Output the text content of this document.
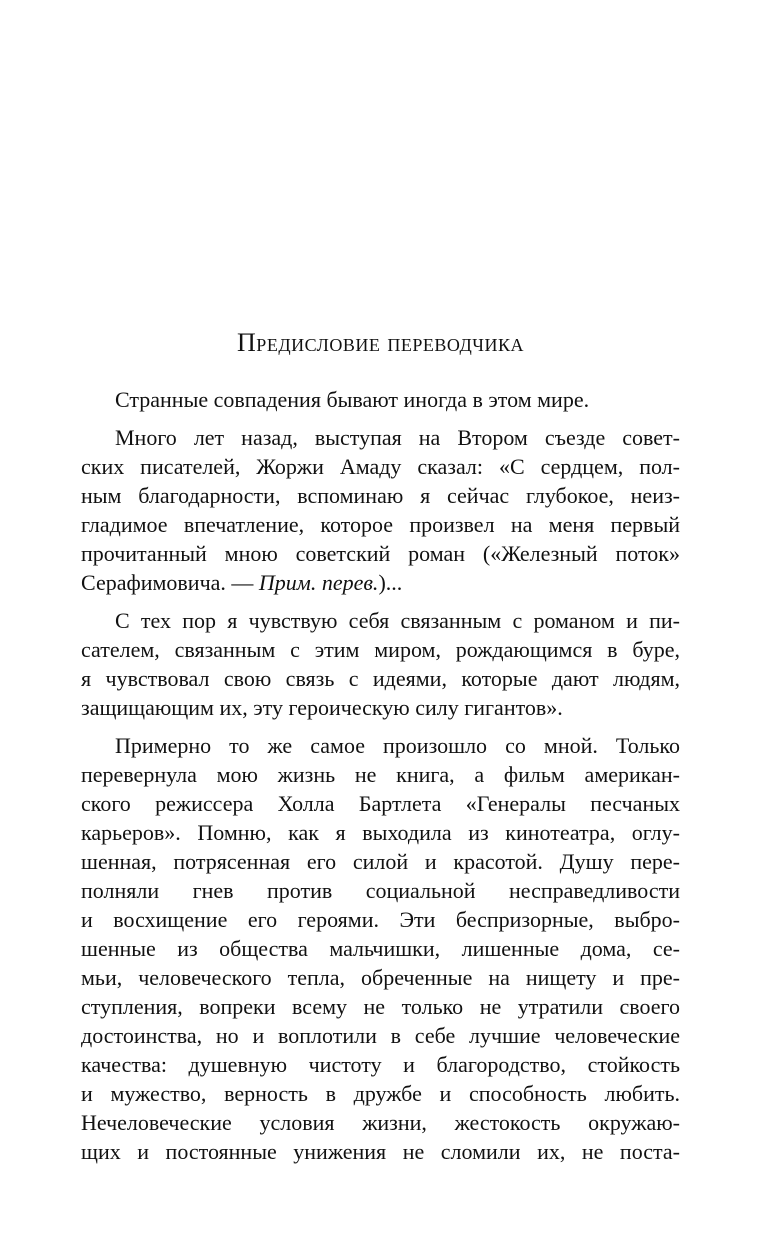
Предисловие переводчика
Странные совпадения бывают иногда в этом мире.
Много лет назад, выступая на Втором съезде совет-
ских писателей, Жоржи Амаду сказал: «С сердцем, пол-
ным благодарности, вспоминаю я сейчас глубокое, неиз-
гладимое впечатление, которое произвел на меня первый
прочитанный мною советский роман («Железный поток»
Серафимовича. — Прим. перев.)...
С тех пор я чувствую себя связанным с романом и пи-
сателем, связанным с этим миром, рождающимся в буре,
я чувствовал свою связь с идеями, которые дают людям,
защищающим их, эту героическую силу гигантов».
Примерно то же самое произошло со мной. Только
перевернула мою жизнь не книга, а фильм американ-
ского режиссера Холла Бартлета «Генералы песчаных
карьеров». Помню, как я выходила из кинотеатра, оглу-
шенная, потрясенная его силой и красотой. Душу пере-
полняли гнев против социальной несправедливости
и восхищение его героями. Эти беспризорные, выбро-
шенные из общества мальчишки, лишенные дома, се-
мьи, человеческого тепла, обреченные на нищету и пре-
ступления, вопреки всему не только не утратили своего
достоинства, но и воплотили в себе лучшие человеческие
качества: душевную чистоту и благородство, стойкость
и мужество, верность в дружбе и способность любить.
Нечеловеческие условия жизни, жестокость окружаю-
щих и постоянные унижения не сломили их, не поста-
